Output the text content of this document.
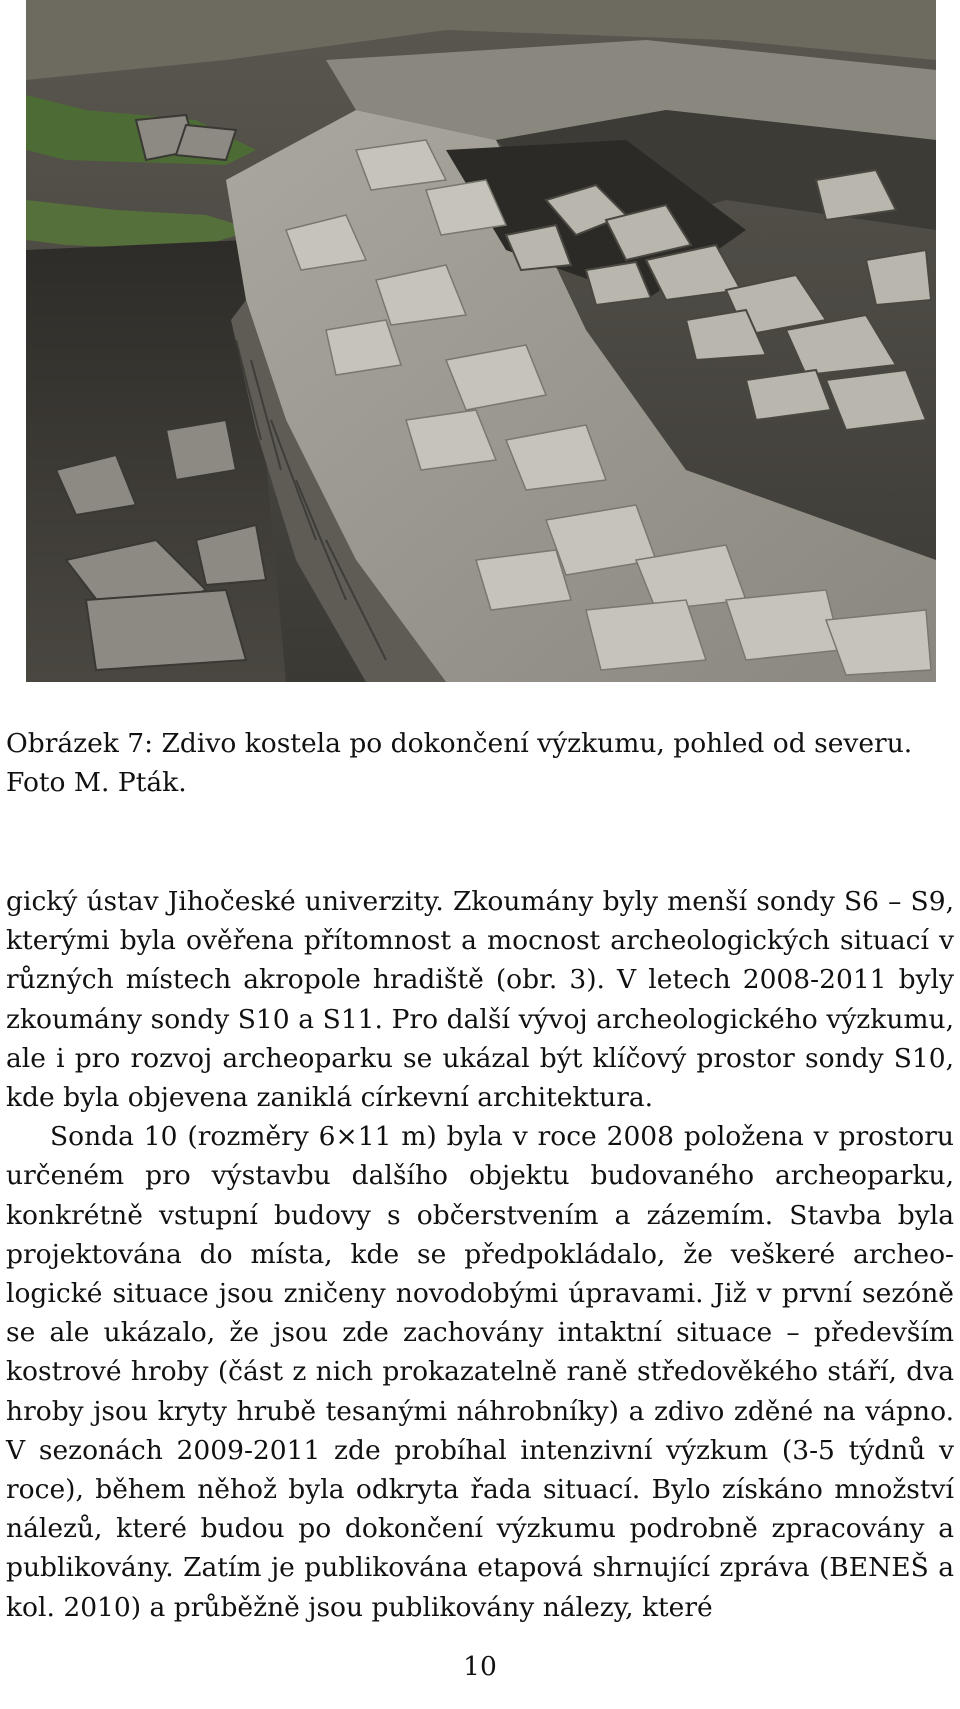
Obrázek 7: Zdivo kostela po dokončení výzkumu, pohled od severu. Foto M. Pták.

gický ústav Jihočeské univerzity. Zkoumány byly menší sondy S6 – S9, kterými byla ověřena přítomnost a mocnost archeologických situací v různých místech akropole hradiště (obr. 3). V letech 2008-2011 byly zkoumány sondy S10 a S11. Pro další vývoj archeologického výzkumu, ale i pro rozvoj archeoparku se ukázal být klíčový prostor sondy S10, kde byla objevena zaniklá církevní architektura.

Sonda 10 (rozměry 6×11 m) byla v roce 2008 položena v prostoru určeném pro výstavbu dalšího objektu budovaného archeoparku, konkrétně vstupní budovy s občerstvením a zázemím. Stavba byla projektována do místa, kde se předpokládalo, že veškeré archeologické situace jsou zničeny novodobými úpravami. Již v první sezóně se ale ukázalo, že jsou zde zachovány intaktní situace – především kostrové hroby (část z nich prokazatelně raně středověkého stáří, dva hroby jsou kryty hrubě tesanými náhrobníky) a zdivo zděné na vápno. V sezonách 2009-2011 zde probíhal intenzivní výzkum (3-5 týdnů v roce), během něhož byla odkryta řada situací. Bylo získáno množství nálezů, které budou po dokončení výzkumu podrobně zpracovány a publikovány. Zatím je publikována etapová shrnující zpráva (BENEŠ a kol. 2010) a průběžně jsou publikovány nálezy, které

10
